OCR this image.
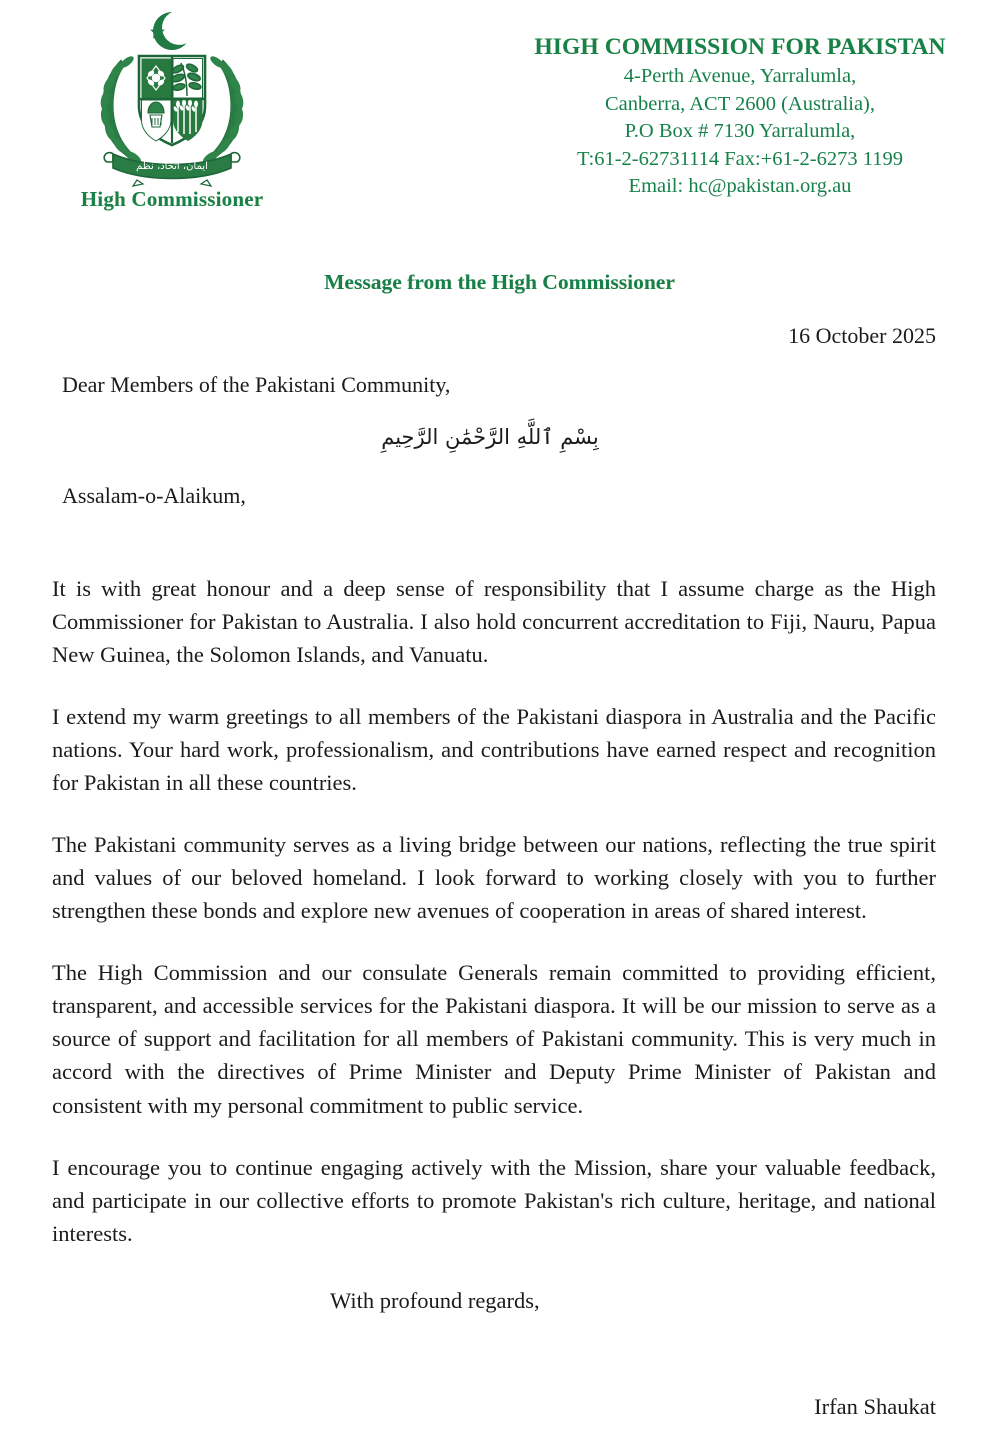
ایمان، اتحاد، نظم
High Commissioner
HIGH COMMISSION FOR PAKISTAN
4-Perth Avenue, Yarralumla,
Canberra, ACT 2600 (Australia),
P.O Box # 7130 Yarralumla,
T:61-2-62731114 Fax:+61-2-6273 1199
Email: hc@pakistan.org.au
Message from the High Commissioner
16 October 2025
Dear Members of the Pakistani Community,
بِسْمِ ٱللَّهِ الرَّحْمَٰنِ الرَّحِيمِ
Assalam-o-Alaikum,

It is with great honour and a deep sense of responsibility that I assume charge as the High Commissioner for Pakistan to Australia. I also hold concurrent accreditation to Fiji, Nauru, Papua New Guinea, the Solomon Islands, and Vanuatu.

I extend my warm greetings to all members of the Pakistani diaspora in Australia and the Pacific nations. Your hard work, professionalism, and contributions have earned respect and recognition for Pakistan in all these countries.

The Pakistani community serves as a living bridge between our nations, reflecting the true spirit and values of our beloved homeland. I look forward to working closely with you to further strengthen these bonds and explore new avenues of cooperation in areas of shared interest.

The High Commission and our consulate Generals remain committed to providing efficient, transparent, and accessible services for the Pakistani diaspora. It will be our mission to serve as a source of support and facilitation for all members of Pakistani community. This is very much in accord with the directives of Prime Minister and Deputy Prime Minister of Pakistan and consistent with my personal commitment to public service.

I encourage you to continue engaging actively with the Mission, share your valuable feedback, and participate in our collective efforts to promote Pakistan's rich culture, heritage, and national interests.

With profound regards,
Irfan Shaukat
